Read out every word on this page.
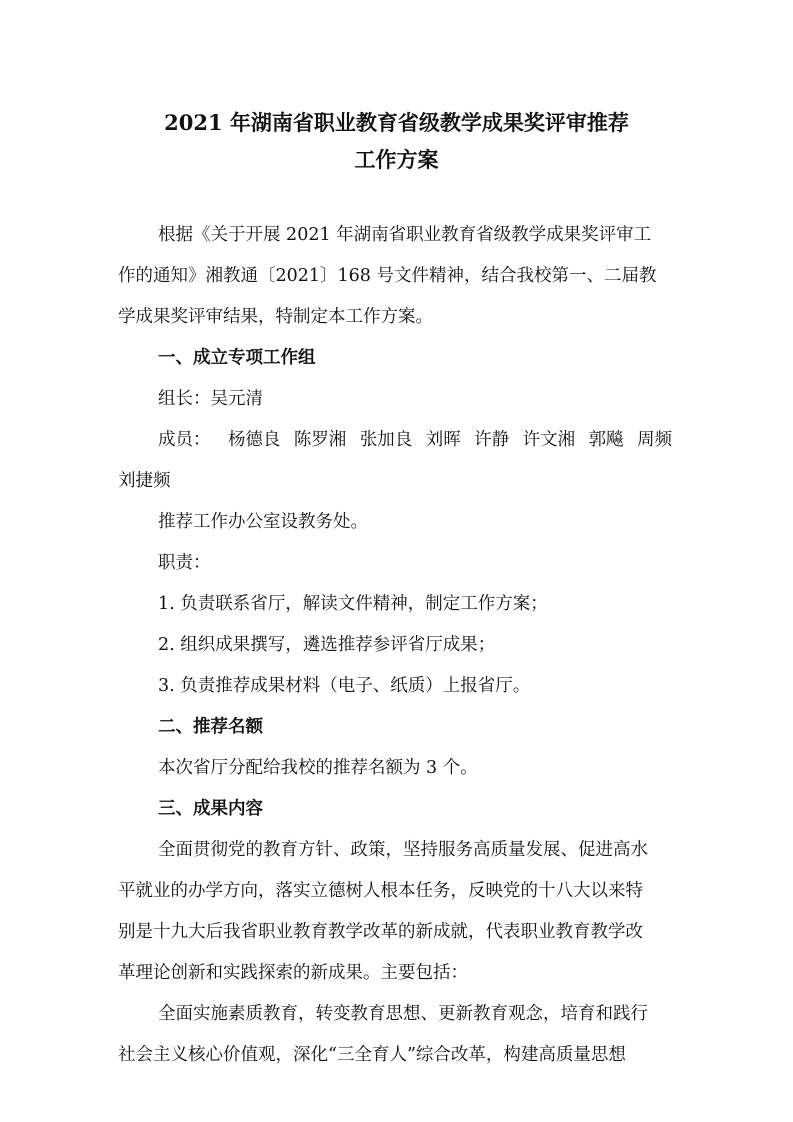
2021 年湖南省职业教育省级教学成果奖评审推荐
工作方案
根据《关于开展 2021 年湖南省职业教育省级教学成果奖评审工
作的通知》湘教通〔2021〕168 号文件精神，结合我校第一、二届教
学成果奖评审结果，特制定本工作方案。
一、成立专项工作组
组长：吴元清
成员： 杨德良 陈罗湘 张加良 刘晖 许静 许文湘 郭飚 周频
刘捷频
推荐工作办公室设教务处。
职责：
1. 负责联系省厅，解读文件精神，制定工作方案；
2. 组织成果撰写，遴选推荐参评省厅成果；
3. 负责推荐成果材料（电子、纸质）上报省厅。
二、推荐名额
本次省厅分配给我校的推荐名额为 3 个。
三、成果内容
全面贯彻党的教育方针、政策，坚持服务高质量发展、促进高水
平就业的办学方向，落实立德树人根本任务，反映党的十八大以来特
别是十九大后我省职业教育教学改革的新成就，代表职业教育教学改
革理论创新和实践探索的新成果。主要包括：
全面实施素质教育，转变教育思想、更新教育观念，培育和践行
社会主义核心价值观，深化“三全育人”综合改革，构建高质量思想
